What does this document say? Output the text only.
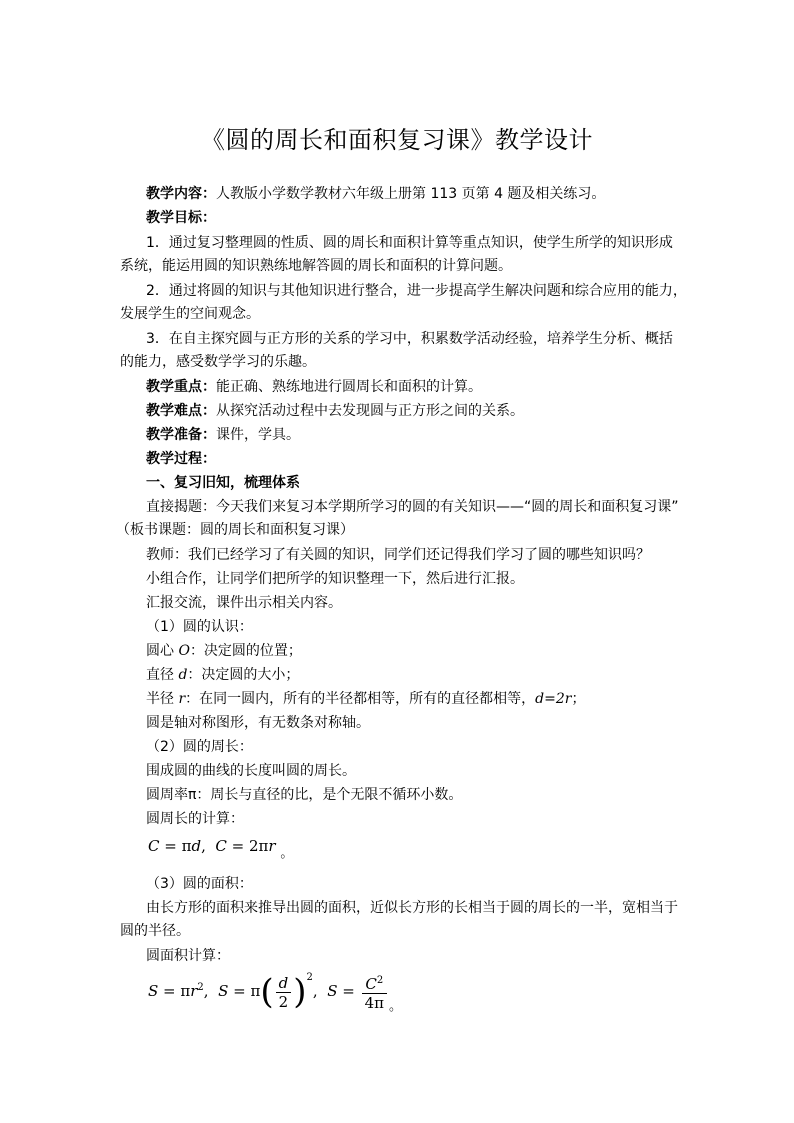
《圆的周长和面积复习课》教学设计
教学内容：人教版小学数学教材六年级上册第 113 页第 4 题及相关练习。
教学目标：
1．通过复习整理圆的性质、圆的周长和面积计算等重点知识，使学生所学的知识形成
系统，能运用圆的知识熟练地解答圆的周长和面积的计算问题。
2．通过将圆的知识与其他知识进行整合，进一步提高学生解决问题和综合应用的能力，
发展学生的空间观念。
3．在自主探究圆与正方形的关系的学习中，积累数学活动经验，培养学生分析、概括
的能力，感受数学学习的乐趣。
教学重点：能正确、熟练地进行圆周长和面积的计算。
教学难点：从探究活动过程中去发现圆与正方形之间的关系。
教学准备：课件，学具。
教学过程：
一、复习旧知，梳理体系
直接揭题：今天我们来复习本学期所学习的圆的有关知识——“圆的周长和面积复习课”
（板书课题：圆的周长和面积复习课）
教师：我们已经学习了有关圆的知识，同学们还记得我们学习了圆的哪些知识吗？
小组合作，让同学们把所学的知识整理一下，然后进行汇报。
汇报交流，课件出示相关内容。
（1）圆的认识：
圆心 O：决定圆的位置；
直径 d：决定圆的大小；
半径 r：在同一圆内，所有的半径都相等，所有的直径都相等，d=2r；
圆是轴对称图形，有无数条对称轴。
（2）圆的周长：
围成圆的曲线的长度叫圆的周长。
圆周率π：周长与直径的比，是个无限不循环小数。
圆周长的计算：
C = πd,  C = 2πr 。
（3）圆的面积：
由长方形的面积来推导出圆的面积，近似长方形的长相当于圆的周长的一半，宽相当于
圆的半径。
圆面积计算：
$S = \pi r^2$,  $S = \pi( \frac{d}{2} )^2$,  $S = \frac{C^2}{4\pi}$ 。
